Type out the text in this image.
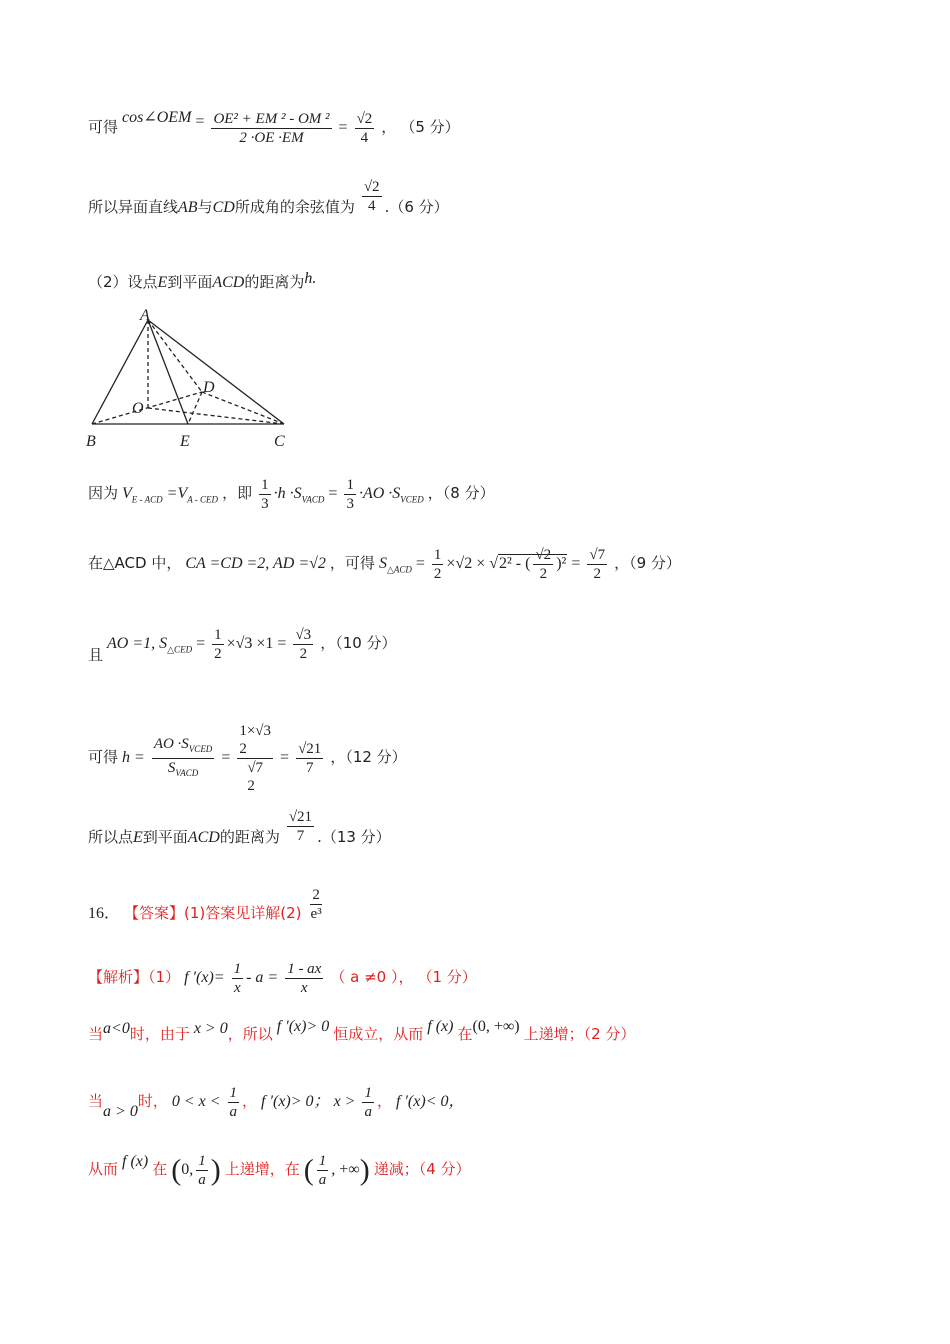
可得 cos∠OEM = $\frac{\text{OE² + EM ² - OM ²}}{2 \cdot OE \cdot EM} = \frac{√2}{4}$ ， （5 分）
所以异面直线AB与CD所成角的余弦值为 $\frac{√2}{4} .(6$ 分）
（2）设点E到平面ACD的距离为h.
A
D
O
B	E	C
因为 $V_{E - ACD} =V_{A - CED}$ ，即 $\frac{1}{3} \cdot h \cdot S_{VACD} = \frac{1}{3} \cdot AO \cdot S_{VCED}$ ，（8 分）
在△ACD 中， CA =CD =2, AD =√2 ，可得 $S_{\triangle ACD} = \frac{1}{2} \times√2 \times √2^2$ - ( $\frac{√2}{2} )^2 = \frac{√7}{2}$ ，（9 分）
且 AO =1, $S_{\triangle CED} = \frac{1}{2} \times√3 \times 1 = \frac{√3}{2}$ ，（10 分）
可得 $h = \frac{AO \cdot S_{VCED}}{S_{VACD}}$ =
1×√3
2
√7
2
= $\frac{√21}{7}$ ，（12 分）
所以点E到平面ACD的距离为 $\frac{√21}{7} .(13$ 分）
16． 【答案】(1)答案见详解$(2) \frac{2}{\text{e³}}$
【解析】（1） f $'(x)= \frac{1}{x} - a = \frac{1 - ax}{x}$ （ a ≠0 ）， （1 分）
当a<0时，由于 x > 0，所以 f ′(x)> 0 恒成立，从而 f (x) 在(0, +∞) 上递增；（2 分）
当a > 0时， $0 < x < \frac{1}{a}$ ， f ′(x)> 0； $x > \frac{1}{a}$ ， f ′(x)< 0，
从而 f (x) 在 (0, $\frac{1}{a}$ ) 上递增，在 ( $\frac{1}{a}$ , +∞) 递减；（4 分）
